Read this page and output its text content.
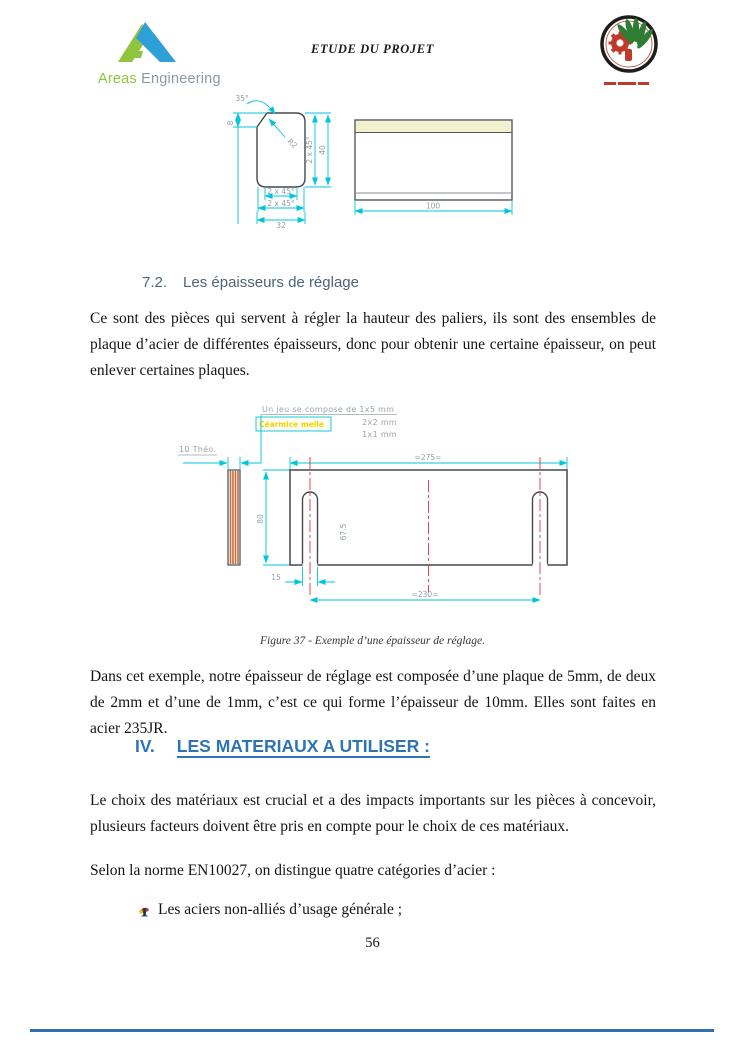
Areas Engineering
ETUDE DU PROJET
35°
8
R2 2 x 45° 40
2 x 45°
2 x 45°
32
100
7.2. Les épaisseurs de réglage

Ce sont des pièces qui servent à régler la hauteur des paliers, ils sont des ensembles de plaque d’acier de différentes épaisseurs, donc pour obtenir une certaine épaisseur, on peut enlever certaines plaques.

Un jeu se compose de 1x5 mm
2x2 mm
1x1 mm
Céarmice melle
10 Théo.
=275=
80
67.5
15
=230=
Figure 37 - Exemple d’une épaisseur de réglage.

Dans cet exemple, notre épaisseur de réglage est composée d’une plaque de 5mm, de deux de 2mm et d’une de 1mm, c’est ce qui forme l’épaisseur de 10mm. Elles sont faites en acier 235JR.

IV. LES MATERIAUX A UTILISER :

Le choix des matériaux est crucial et a des impacts importants sur les pièces à concevoir, plusieurs facteurs doivent être pris en compte pour le choix de ces matériaux.

Selon la norme EN10027, on distingue quatre catégories d’acier :

Les aciers non-alliés d’usage générale ;
56
